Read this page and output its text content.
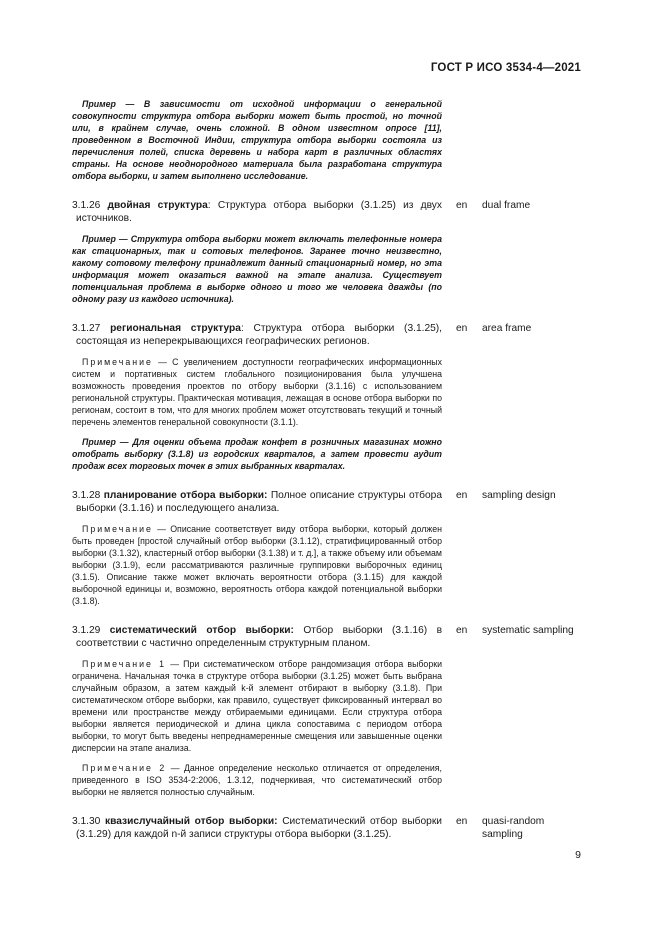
ГОСТ Р ИСО 3534-4—2021

Пример — В зависимости от исходной информации о генеральной совокупности структура отбора выборки может быть простой, но точной или, в крайнем случае, очень сложной. В одном известном опросе [11], проведенном в Восточной Индии, структура отбора выборки состояла из перечисления полей, списка деревень и набора карт в различных областях страны. На основе неоднородного материала была разработана структура отбора выборки, и затем выполнено исследование.

3.1.26 двойная структура: Структура отбора выборки (3.1.25) из двух источников.
en	dual frame

Пример — Структура отбора выборки может включать телефонные номера как стационарных, так и сотовых телефонов. Заранее точно неизвестно, какому сотовому телефону принадлежит данный стационарный номер, но эта информация может оказаться важной на этапе анализа. Существует потенциальная проблема в выборке одного и того же человека дважды (по одному разу из каждого источника).

3.1.27 региональная структура: Структура отбора выборки (3.1.25), состоящая из неперекрывающихся географических регионов.
en	area frame

Примечание — С увеличением доступности географических информационных систем и портативных систем глобального позиционирования была улучшена возможность проведения проектов по отбору выборки (3.1.16) с использованием региональной структуры. Практическая мотивация, лежащая в основе отбора выборки по регионам, состоит в том, что для многих проблем может отсутствовать текущий и точный перечень элементов генеральной совокупности (3.1.1).

Пример — Для оценки объема продаж конфет в розничных магазинах можно отобрать выборку (3.1.8) из городских кварталов, а затем провести аудит продаж всех торговых точек в этих выбранных кварталах.

3.1.28 планирование отбора выборки: Полное описание структуры отбора выборки (3.1.16) и последующего анализа.
en	sampling design

Примечание — Описание соответствует виду отбора выборки, который должен быть проведен [простой случайный отбор выборки (3.1.12), стратифицированный отбор выборки (3.1.32), кластерный отбор выборки (3.1.38) и т. д.], а также объему или объемам выборки (3.1.9), если рассматриваются различные группировки выборочных единиц (3.1.5). Описание также может включать вероятности отбора (3.1.15) для каждой выборочной единицы и, возможно, вероятность отбора каждой потенциальной выборки (3.1.8).

3.1.29 систематический отбор выборки: Отбор выборки (3.1.16) в соответствии с частично определенным структурным планом.
en	systematic sampling

Примечание 1 — При систематическом отборе рандомизация отбора выборки ограничена. Начальная точка в структуре отбора выборки (3.1.25) может быть выбрана случайным образом, а затем каждый k-й элемент отбирают в выборку (3.1.8). При систематическом отборе выборки, как правило, существует фиксированный интервал во времени или пространстве между отбираемыми единицами. Если структура отбора выборки является периодической и длина цикла сопоставима с периодом отбора выборки, то могут быть введены непреднамеренные смещения или завышенные оценки дисперсии на этапе анализа.

Примечание 2 — Данное определение несколько отличается от определения, приведенного в ISO 3534-2:2006, 1.3.12, подчеркивая, что систематический отбор выборки не является полностью случайным.

3.1.30 квазислучайный отбор выборки: Систематический отбор выборки (3.1.29) для каждой n-й записи структуры отбора выборки (3.1.25).
en	quasi-random sampling
9
